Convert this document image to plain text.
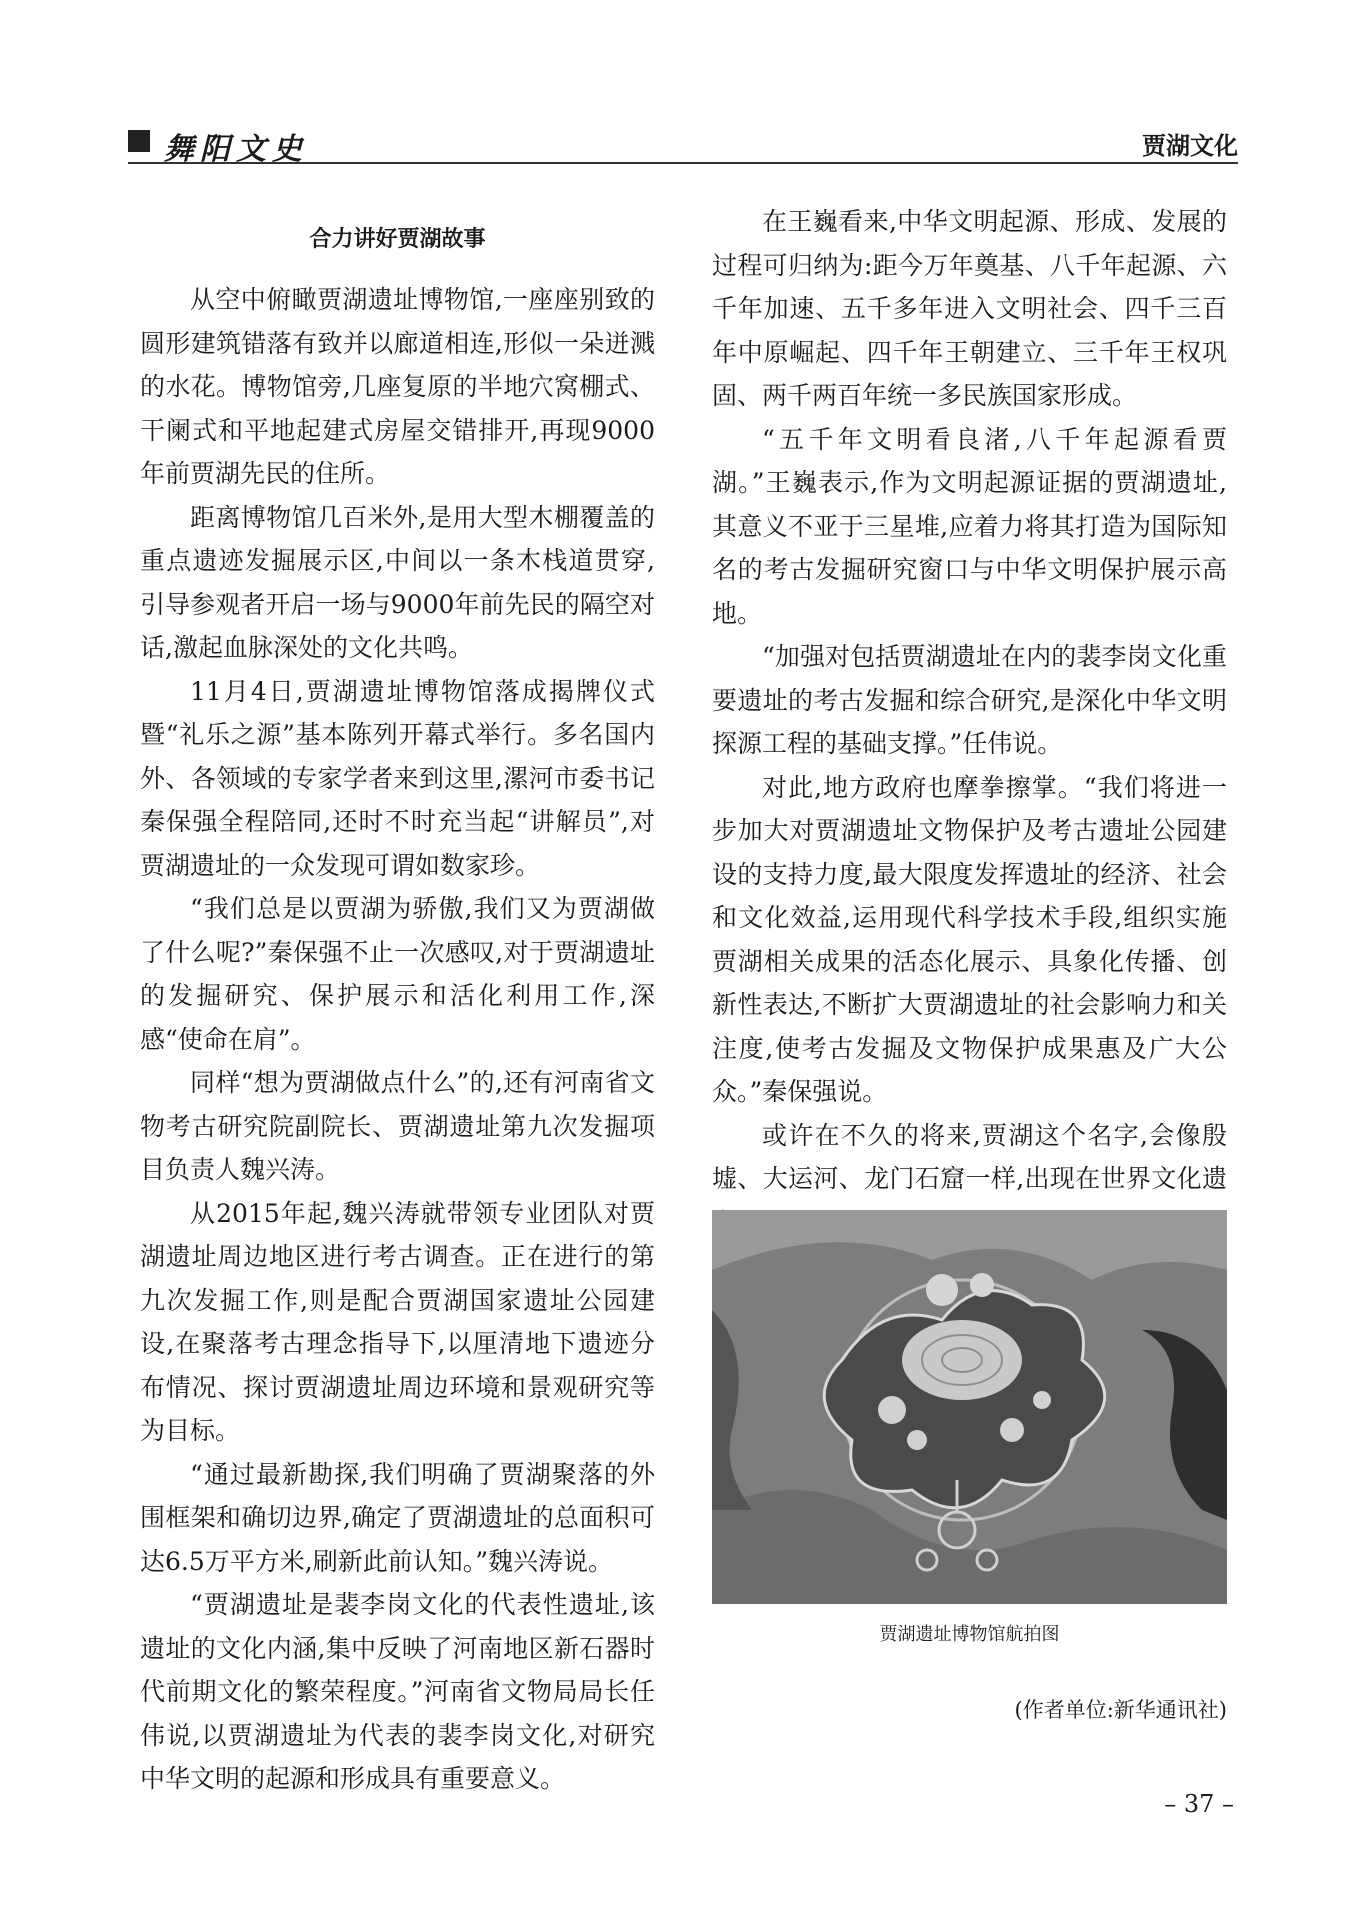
舞阳文史	贾湖文化
合力讲好贾湖故事

从空中俯瞰贾湖遗址博物馆,一座座别致的圆形建筑错落有致并以廊道相连,形似一朵迸溅的水花。博物馆旁,几座复原的半地穴窝棚式、干阑式和平地起建式房屋交错排开,再现9000年前贾湖先民的住所。

距离博物馆几百米外,是用大型木棚覆盖的重点遗迹发掘展示区,中间以一条木栈道贯穿,引导参观者开启一场与9000年前先民的隔空对话,激起血脉深处的文化共鸣。

11月4日,贾湖遗址博物馆落成揭牌仪式暨“礼乐之源”基本陈列开幕式举行。多名国内外、各领域的专家学者来到这里,漯河市委书记秦保强全程陪同,还时不时充当起“讲解员”,对贾湖遗址的一众发现可谓如数家珍。

“我们总是以贾湖为骄傲,我们又为贾湖做了什么呢?”秦保强不止一次感叹,对于贾湖遗址的发掘研究、保护展示和活化利用工作,深感“使命在肩”。

同样“想为贾湖做点什么”的,还有河南省文物考古研究院副院长、贾湖遗址第九次发掘项目负责人魏兴涛。

从2015年起,魏兴涛就带领专业团队对贾湖遗址周边地区进行考古调查。正在进行的第九次发掘工作,则是配合贾湖国家遗址公园建设,在聚落考古理念指导下,以厘清地下遗迹分布情况、探讨贾湖遗址周边环境和景观研究等为目标。

“通过最新勘探,我们明确了贾湖聚落的外围框架和确切边界,确定了贾湖遗址的总面积可达6.5万平方米,刷新此前认知。”魏兴涛说。

“贾湖遗址是裴李岗文化的代表性遗址,该遗址的文化内涵,集中反映了河南地区新石器时代前期文化的繁荣程度。”河南省文物局局长任伟说,以贾湖遗址为代表的裴李岗文化,对研究中华文明的起源和形成具有重要意义。

在王巍看来,中华文明起源、形成、发展的过程可归纳为:距今万年奠基、八千年起源、六千年加速、五千多年进入文明社会、四千三百年中原崛起、四千年王朝建立、三千年王权巩固、两千两百年统一多民族国家形成。

“五千年文明看良渚,八千年起源看贾湖。”王巍表示,作为文明起源证据的贾湖遗址,其意义不亚于三星堆,应着力将其打造为国际知名的考古发掘研究窗口与中华文明保护展示高地。

“加强对包括贾湖遗址在内的裴李岗文化重要遗址的考古发掘和综合研究,是深化中华文明探源工程的基础支撑。”任伟说。

对此,地方政府也摩拳擦掌。“我们将进一步加大对贾湖遗址文物保护及考古遗址公园建设的支持力度,最大限度发挥遗址的经济、社会和文化效益,运用现代科学技术手段,组织实施贾湖相关成果的活态化展示、具象化传播、创新性表达,不断扩大贾湖遗址的社会影响力和关注度,使考古发掘及文物保护成果惠及广大公众。”秦保强说。

或许在不久的将来,贾湖这个名字,会像殷墟、大运河、龙门石窟一样,出现在世界文化遗

贾湖遗址博物馆航拍图
(作者单位:新华通讯社)
– 37 –
